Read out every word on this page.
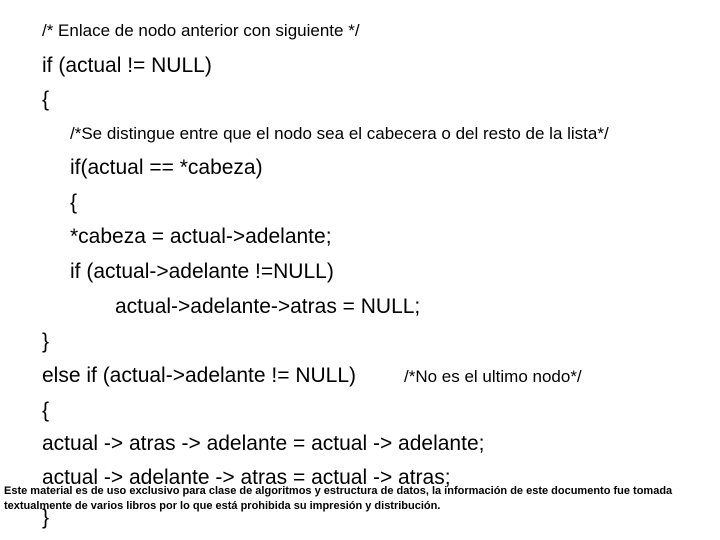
/* Enlace de nodo anterior con siguiente */
if (actual != NULL)
{
/*Se distingue entre que el nodo sea el cabecera o del resto de la lista*/
if(actual == *cabeza)
{
*cabeza = actual->adelante;
if (actual->adelante !=NULL)
actual->adelante->atras = NULL;
}
else if (actual->adelante != NULL)	/*No es el ultimo nodo*/
{
actual -> atras -> adelante = actual -> adelante;
actual -> adelante -> atras = actual -> atras;
}
Este material es de uso exclusivo para clase de algoritmos y estructura de datos, la información de este documento fue tomada textualmente de varios libros por lo que está prohibida su impresión y distribución.
